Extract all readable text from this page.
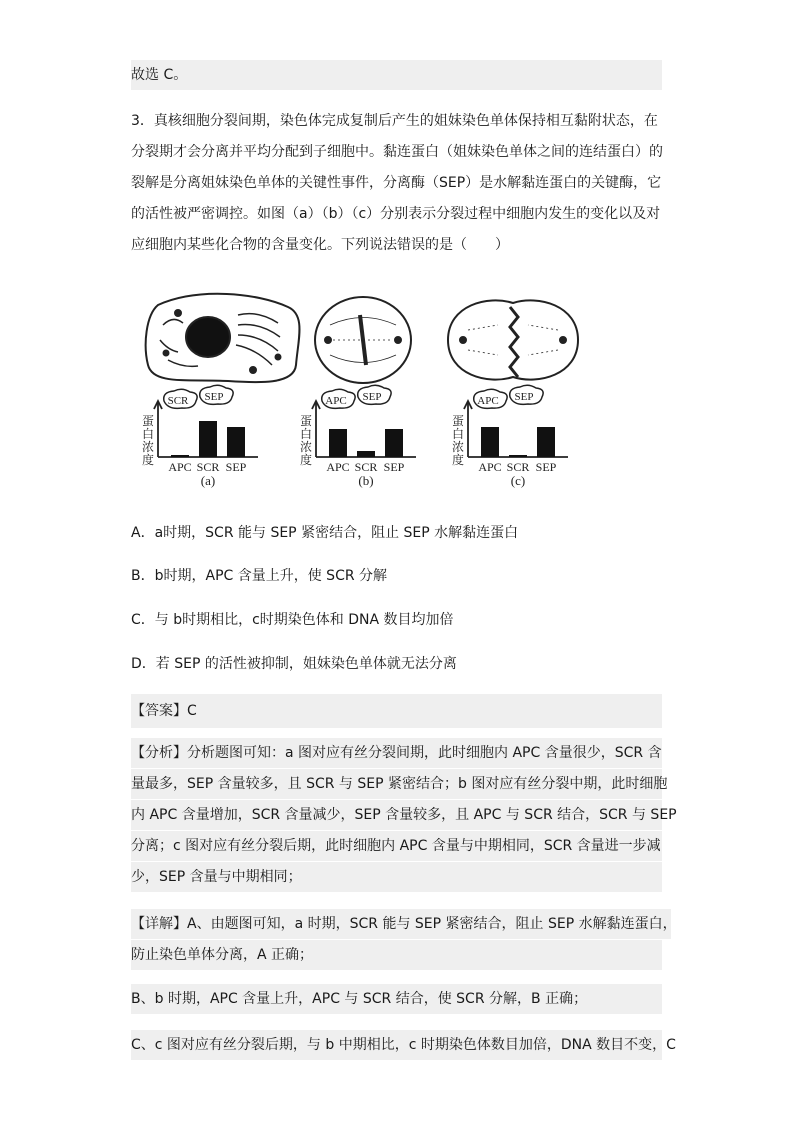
故选 C。
3．真核细胞分裂间期，染色体完成复制后产生的姐妹染色单体保持相互黏附状态，在
分裂期才会分离并平均分配到子细胞中。黏连蛋白（姐妹染色单体之间的连结蛋白）的
裂解是分离姐妹染色单体的关键性事件，分离酶（SEP）是水解黏连蛋白的关键酶，它
的活性被严密调控。如图（a）（b）（c）分别表示分裂过程中细胞内发生的变化以及对
应细胞内某些化合物的含量变化。下列说法错误的是（　　）
蛋
白
浓
度 APC SCR SEP
(a)
SCR SEP
蛋
白
浓
度 APC SCR SEP
(b)
APC SEP
蛋
白
浓
度 APC SCR SEP
(c)
APC SEP
A．a时期，SCR 能与 SEP 紧密结合，阻止 SEP 水解黏连蛋白
B．b时期，APC 含量上升，使 SCR 分解
C．与 b时期相比，c时期染色体和 DNA 数目均加倍
D．若 SEP 的活性被抑制，姐妹染色单体就无法分离
【答案】C
【分析】分析题图可知：a 图对应有丝分裂间期，此时细胞内 APC 含量很少，SCR 含
量最多，SEP 含量较多，且 SCR 与 SEP 紧密结合；b 图对应有丝分裂中期，此时细胞
内 APC 含量增加，SCR 含量减少，SEP 含量较多，且 APC 与 SCR 结合，SCR 与 SEP
分离；c 图对应有丝分裂后期，此时细胞内 APC 含量与中期相同，SCR 含量进一步减
少，SEP 含量与中期相同；
【详解】A、由题图可知，a 时期，SCR 能与 SEP 紧密结合，阻止 SEP 水解黏连蛋白，
防止染色单体分离，A 正确；
B、b 时期，APC 含量上升，APC 与 SCR 结合，使 SCR 分解，B 正确；
C、c 图对应有丝分裂后期，与 b 中期相比，c 时期染色体数目加倍，DNA 数目不变，C
